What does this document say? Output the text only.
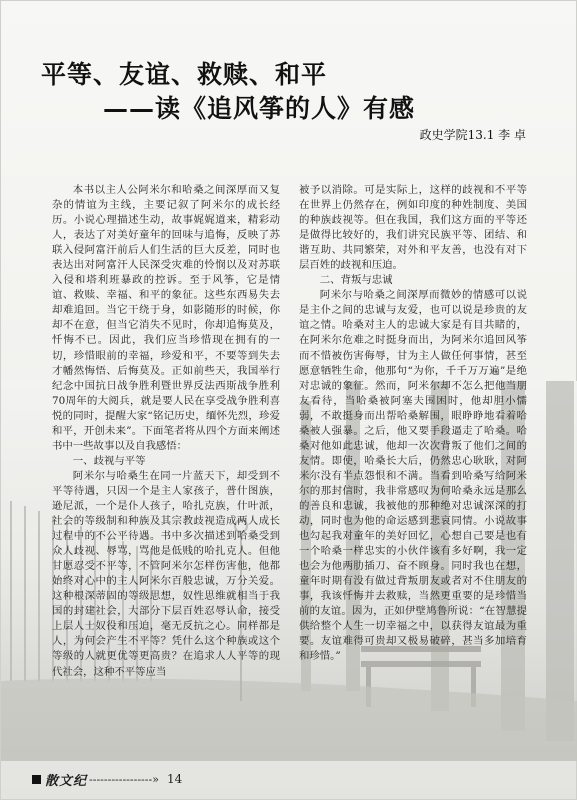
平等、友谊、救赎、和平
——读《追风筝的人》有感
政史学院13.1 李 卓

本书以主人公阿米尔和哈桑之间深厚而又复杂的情谊为主线，主要记叙了阿米尔的成长经历。小说心理描述生动，故事娓娓道来，精彩动人，表达了对美好童年的回味与追悔，反映了苏联入侵阿富汗前后人们生活的巨大反差，同时也表达出对阿富汗人民深受灾难的怜悯以及对苏联入侵和塔利班暴政的控诉。至于风筝，它是情谊、救赎、幸福、和平的象征。这些东西易失去却难追回。当它干绕于身，如影随形的时候，你却不在意，但当它消失不见时，你却追悔莫及，忏悔不已。因此，我们应当珍惜现在拥有的一切，珍惜眼前的幸福，珍爱和平，不要等到失去才幡然悔悟、后悔莫及。正如前些天，我国举行纪念中国抗日战争胜利暨世界反法西斯战争胜利70周年的大阅兵，就是要人民在享受战争胜利喜悦的同时，提醒大家“铭记历史，缅怀先烈，珍爱和平，开创未来”。下面笔者将从四个方面来阐述书中一些故事以及自我感悟：

一、歧视与平等

阿米尔与哈桑生在同一片蓝天下，却受到不平等待遇，只因一个是主人家孩子，普什图族，逊尼派，一个是仆人孩子，哈扎克族，什叶派，社会的等级制和种族及其宗教歧视造成两人成长过程中的不公平待遇。书中多次描述到哈桑受到众人歧视、辱骂，骂他是低贱的哈扎克人。但他甘愿忍受不平等，不管阿米尔怎样伤害他，他都始终对心中的主人阿米尔百般忠诚，万分关爱。这种根深蒂固的等级思想，奴性思维就相当于我国的封建社会，大部分下层百姓忍辱认命，接受上层人士奴役和压迫，毫无反抗之心。同样都是人，为何会产生不平等？凭什么这个种族或这个等级的人就更优等更高贵？在追求人人平等的现代社会，这种不平等应当

被予以消除。可是实际上，这样的歧视和不平等在世界上仍然存在，例如印度的种姓制度、美国的种族歧视等。但在我国，我们这方面的平等还是做得比较好的，我们讲究民族平等、团结、和谐互助、共同繁荣，对外和平友善，也没有对下层百姓的歧视和压迫。

二、背叛与忠诚

阿米尔与哈桑之间深厚而微妙的情感可以说是主仆之间的忠诚与友爱，也可以说是珍贵的友谊之情。哈桑对主人的忠诚大家是有目共睹的，在阿米尔危难之时挺身而出，为阿米尔追回风筝而不惜被伤害侮辱，甘为主人做任何事情，甚至愿意牺牲生命，他那句“为你，千千万万遍”是绝对忠诚的象征。然而，阿米尔却不怎么把他当朋友看待，当哈桑被阿塞夫围困时，他却胆小懦弱，不敢挺身而出帮哈桑解围，眼睁睁地看着哈桑被人强暴。之后，他又要手段逼走了哈桑。哈桑对他如此忠诚，他却一次次背叛了他们之间的友情。即使，哈桑长大后，仍然忠心耿耿，对阿米尔没有半点怨恨和不满。当看到哈桑写给阿米尔的那封信时，我非常感叹为何哈桑永远是那么的善良和忠诚，我被他的那种绝对忠诚深深的打动，同时也为他的命运感到悲哀同情。小说故事也勾起我对童年的美好回忆，心想自己要是也有一个哈桑一样忠实的小伙伴该有多好啊，我一定也会为他两肋插刀、奋不顾身。同时我也在想，童年时期有没有做过背叛朋友或者对不住朋友的事，我该忏悔并去救赎，当然更重要的是珍惜当前的友谊。因为，正如伊壁鸠鲁所说：“在智慧提供给整个人生一切幸福之中，以获得友谊最为重要。友谊难得可贵却又极易破碎，甚当多加培育和珍惜。”

散文纪 -----------------» 14
